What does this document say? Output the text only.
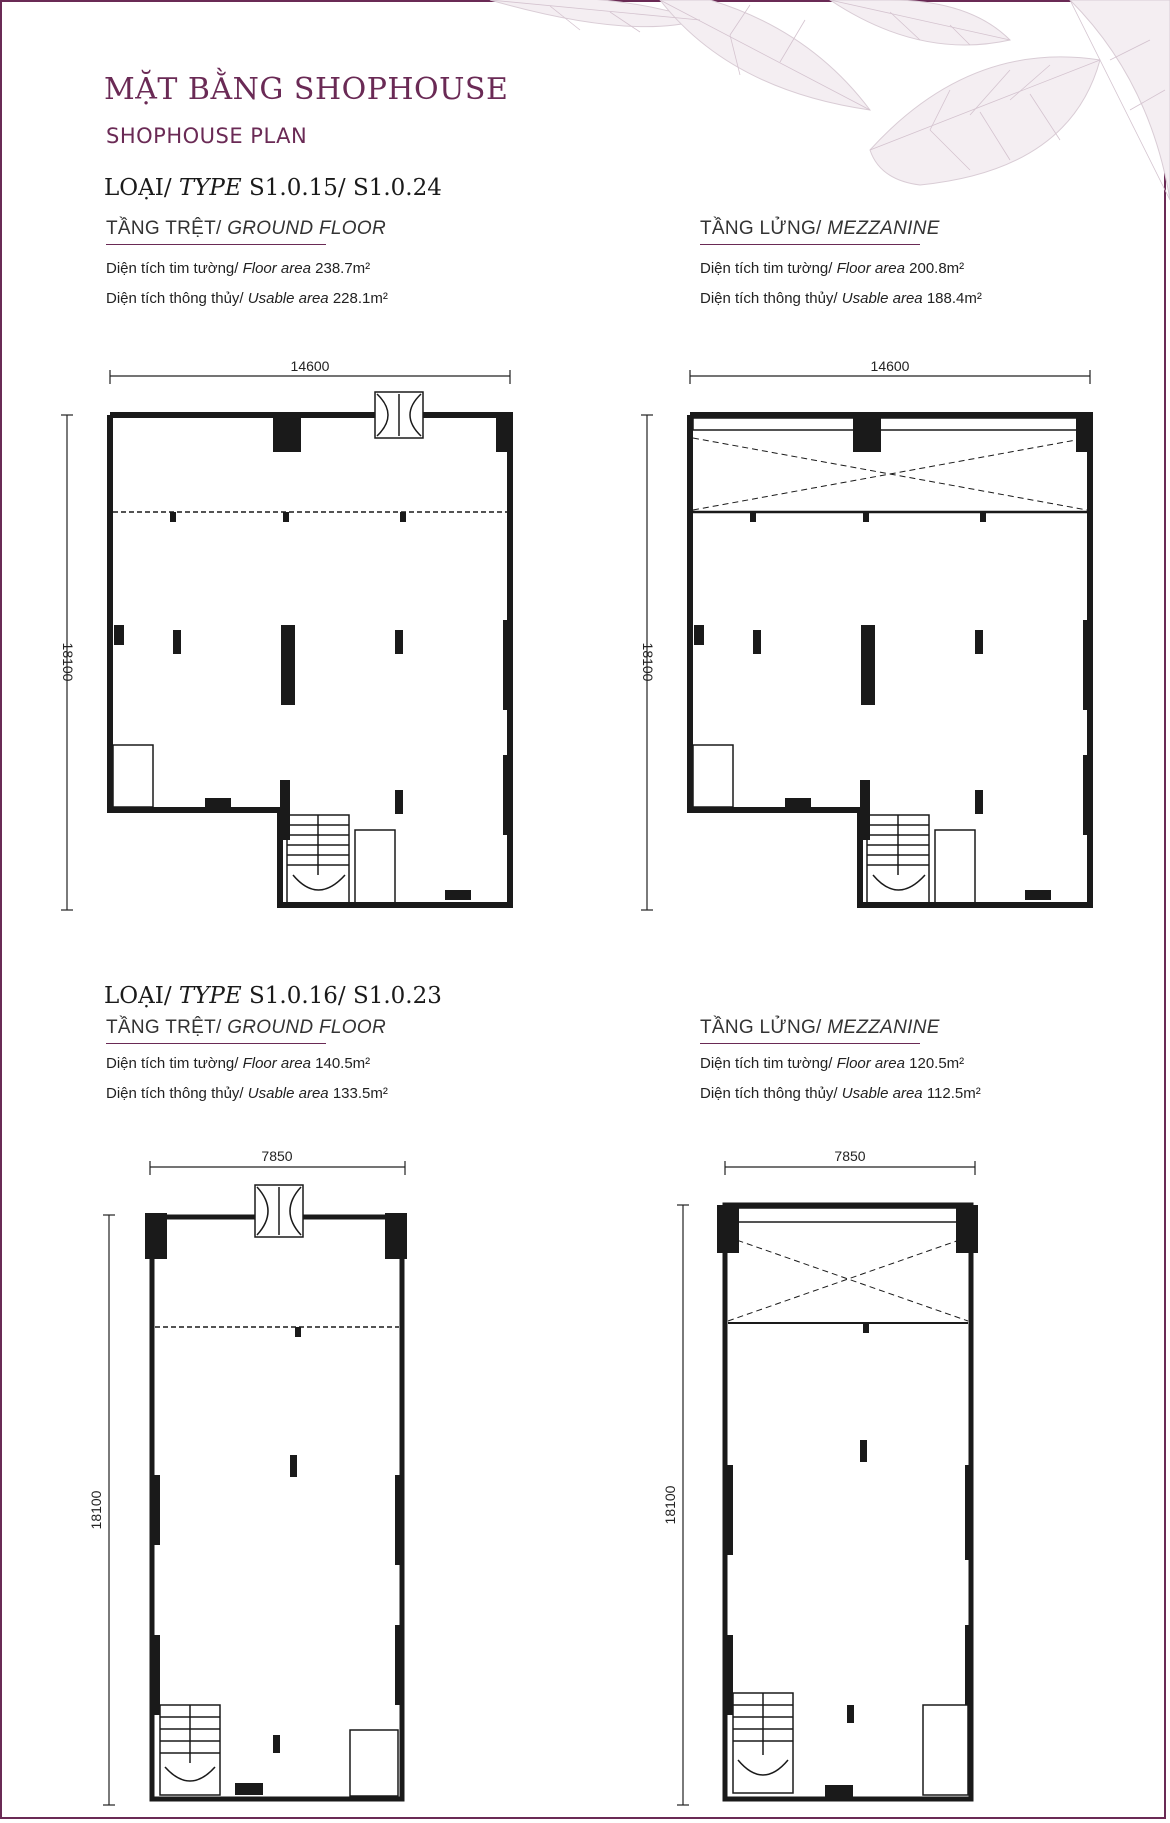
MẶT BẰNG SHOPHOUSE
SHOPHOUSE PLAN
LOẠI/ TYPE S1.0.15/ S1.0.24
TẦNG TRỆT/ GROUND FLOOR
Diện tích tim tường/ Floor area 238.7m²
Diện tích thông thủy/ Usable area 228.1m²
TẦNG LỬNG/ MEZZANINE
Diện tích tim tường/ Floor area 200.8m²
Diện tích thông thủy/ Usable area 188.4m²
14600
18100
14600
18100
LOẠI/ TYPE S1.0.16/ S1.0.23
TẦNG TRỆT/ GROUND FLOOR
Diện tích tim tường/ Floor area 140.5m²
Diện tích thông thủy/ Usable area 133.5m²
TẦNG LỬNG/ MEZZANINE
Diện tích tim tường/ Floor area 120.5m²
Diện tích thông thủy/ Usable area 112.5m²
7850
18100
7850
18100
